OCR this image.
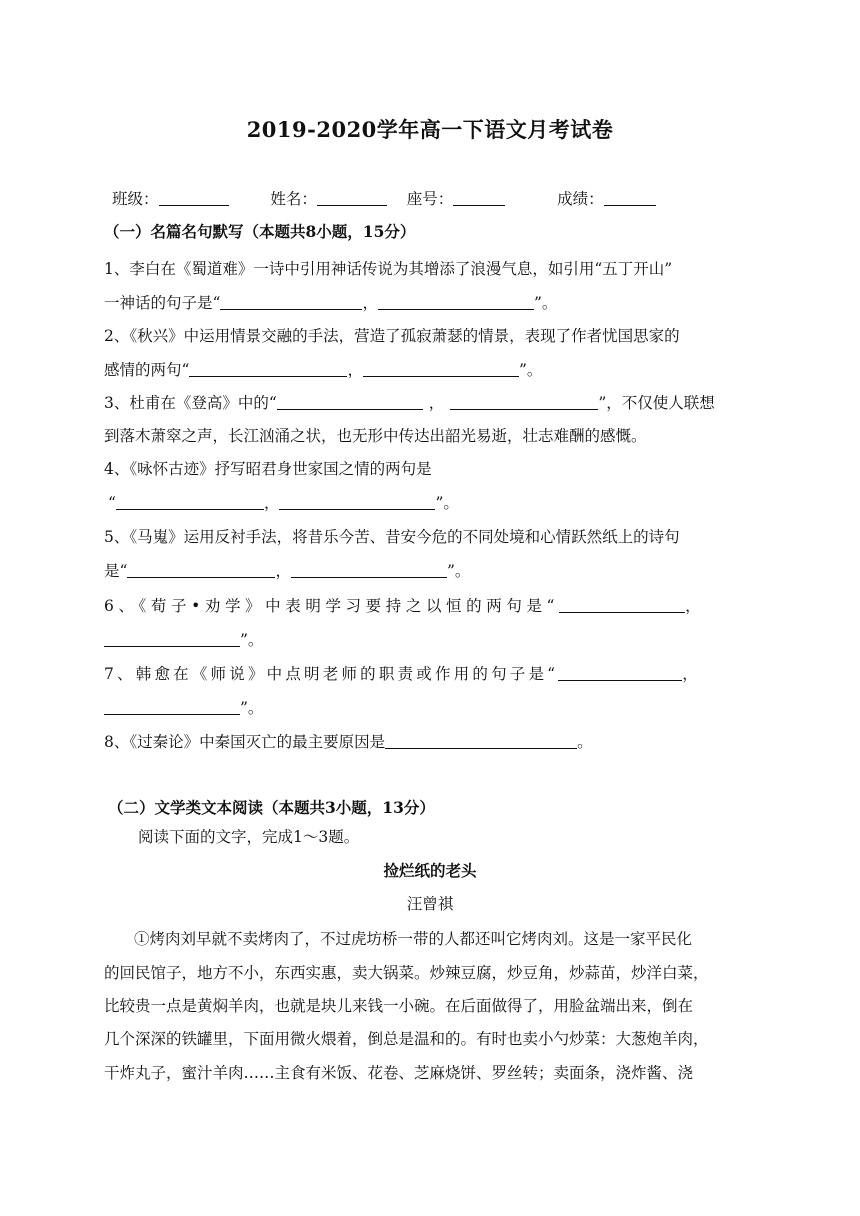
2019-2020学年高一下语文月考试卷
班级：	姓名：	座号：	成绩：
（一）名篇名句默写（本题共8小题，15分）
1、李白在《蜀道难》一诗中引用神话传说为其增添了浪漫气息，如引用“五丁开山”
一神话的句子是“	，	”。
2、《秋兴》中运用情景交融的手法，营造了孤寂萧瑟的情景，表现了作者忧国思家的
感情的两句“	，	”。
3、杜甫在《登高》中的“	，	”，不仅使人联想
到落木萧窣之声，长江汹涌之状，也无形中传达出韶光易逝，壮志难酬的感慨。
4、《咏怀古迹》抒写昭君身世家国之情的两句是
“	，	”。
5、《马嵬》运用反衬手法，将昔乐今苦、昔安今危的不同处境和心情跃然纸上的诗句
是“	，	”。
6、《荀子•劝学》中表明学习要持之以恒的两句是“	，
”。
7、韩愈在《师说》中点明老师的职责或作用的句子是“	，
”。
8、《过秦论》中秦国灭亡的最主要原因是	。
（二）文学类文本阅读（本题共3小题，13分）
阅读下面的文字，完成1～3题。
捡烂纸的老头
汪曾祺
①烤肉刘早就不卖烤肉了，不过虎坊桥一带的人都还叫它烤肉刘。这是一家平民化
的回民馆子，地方不小，东西实惠，卖大锅菜。炒辣豆腐，炒豆角，炒蒜苗，炒洋白菜，
比较贵一点是黄焖羊肉，也就是块儿来钱一小碗。在后面做得了，用脸盆端出来，倒在
几个深深的铁罐里，下面用微火煨着，倒总是温和的。有时也卖小勺炒菜：大葱炮羊肉，
干炸丸子，蜜汁羊肉……主食有米饭、花卷、芝麻烧饼、罗丝转；卖面条，浇炸酱、浇
